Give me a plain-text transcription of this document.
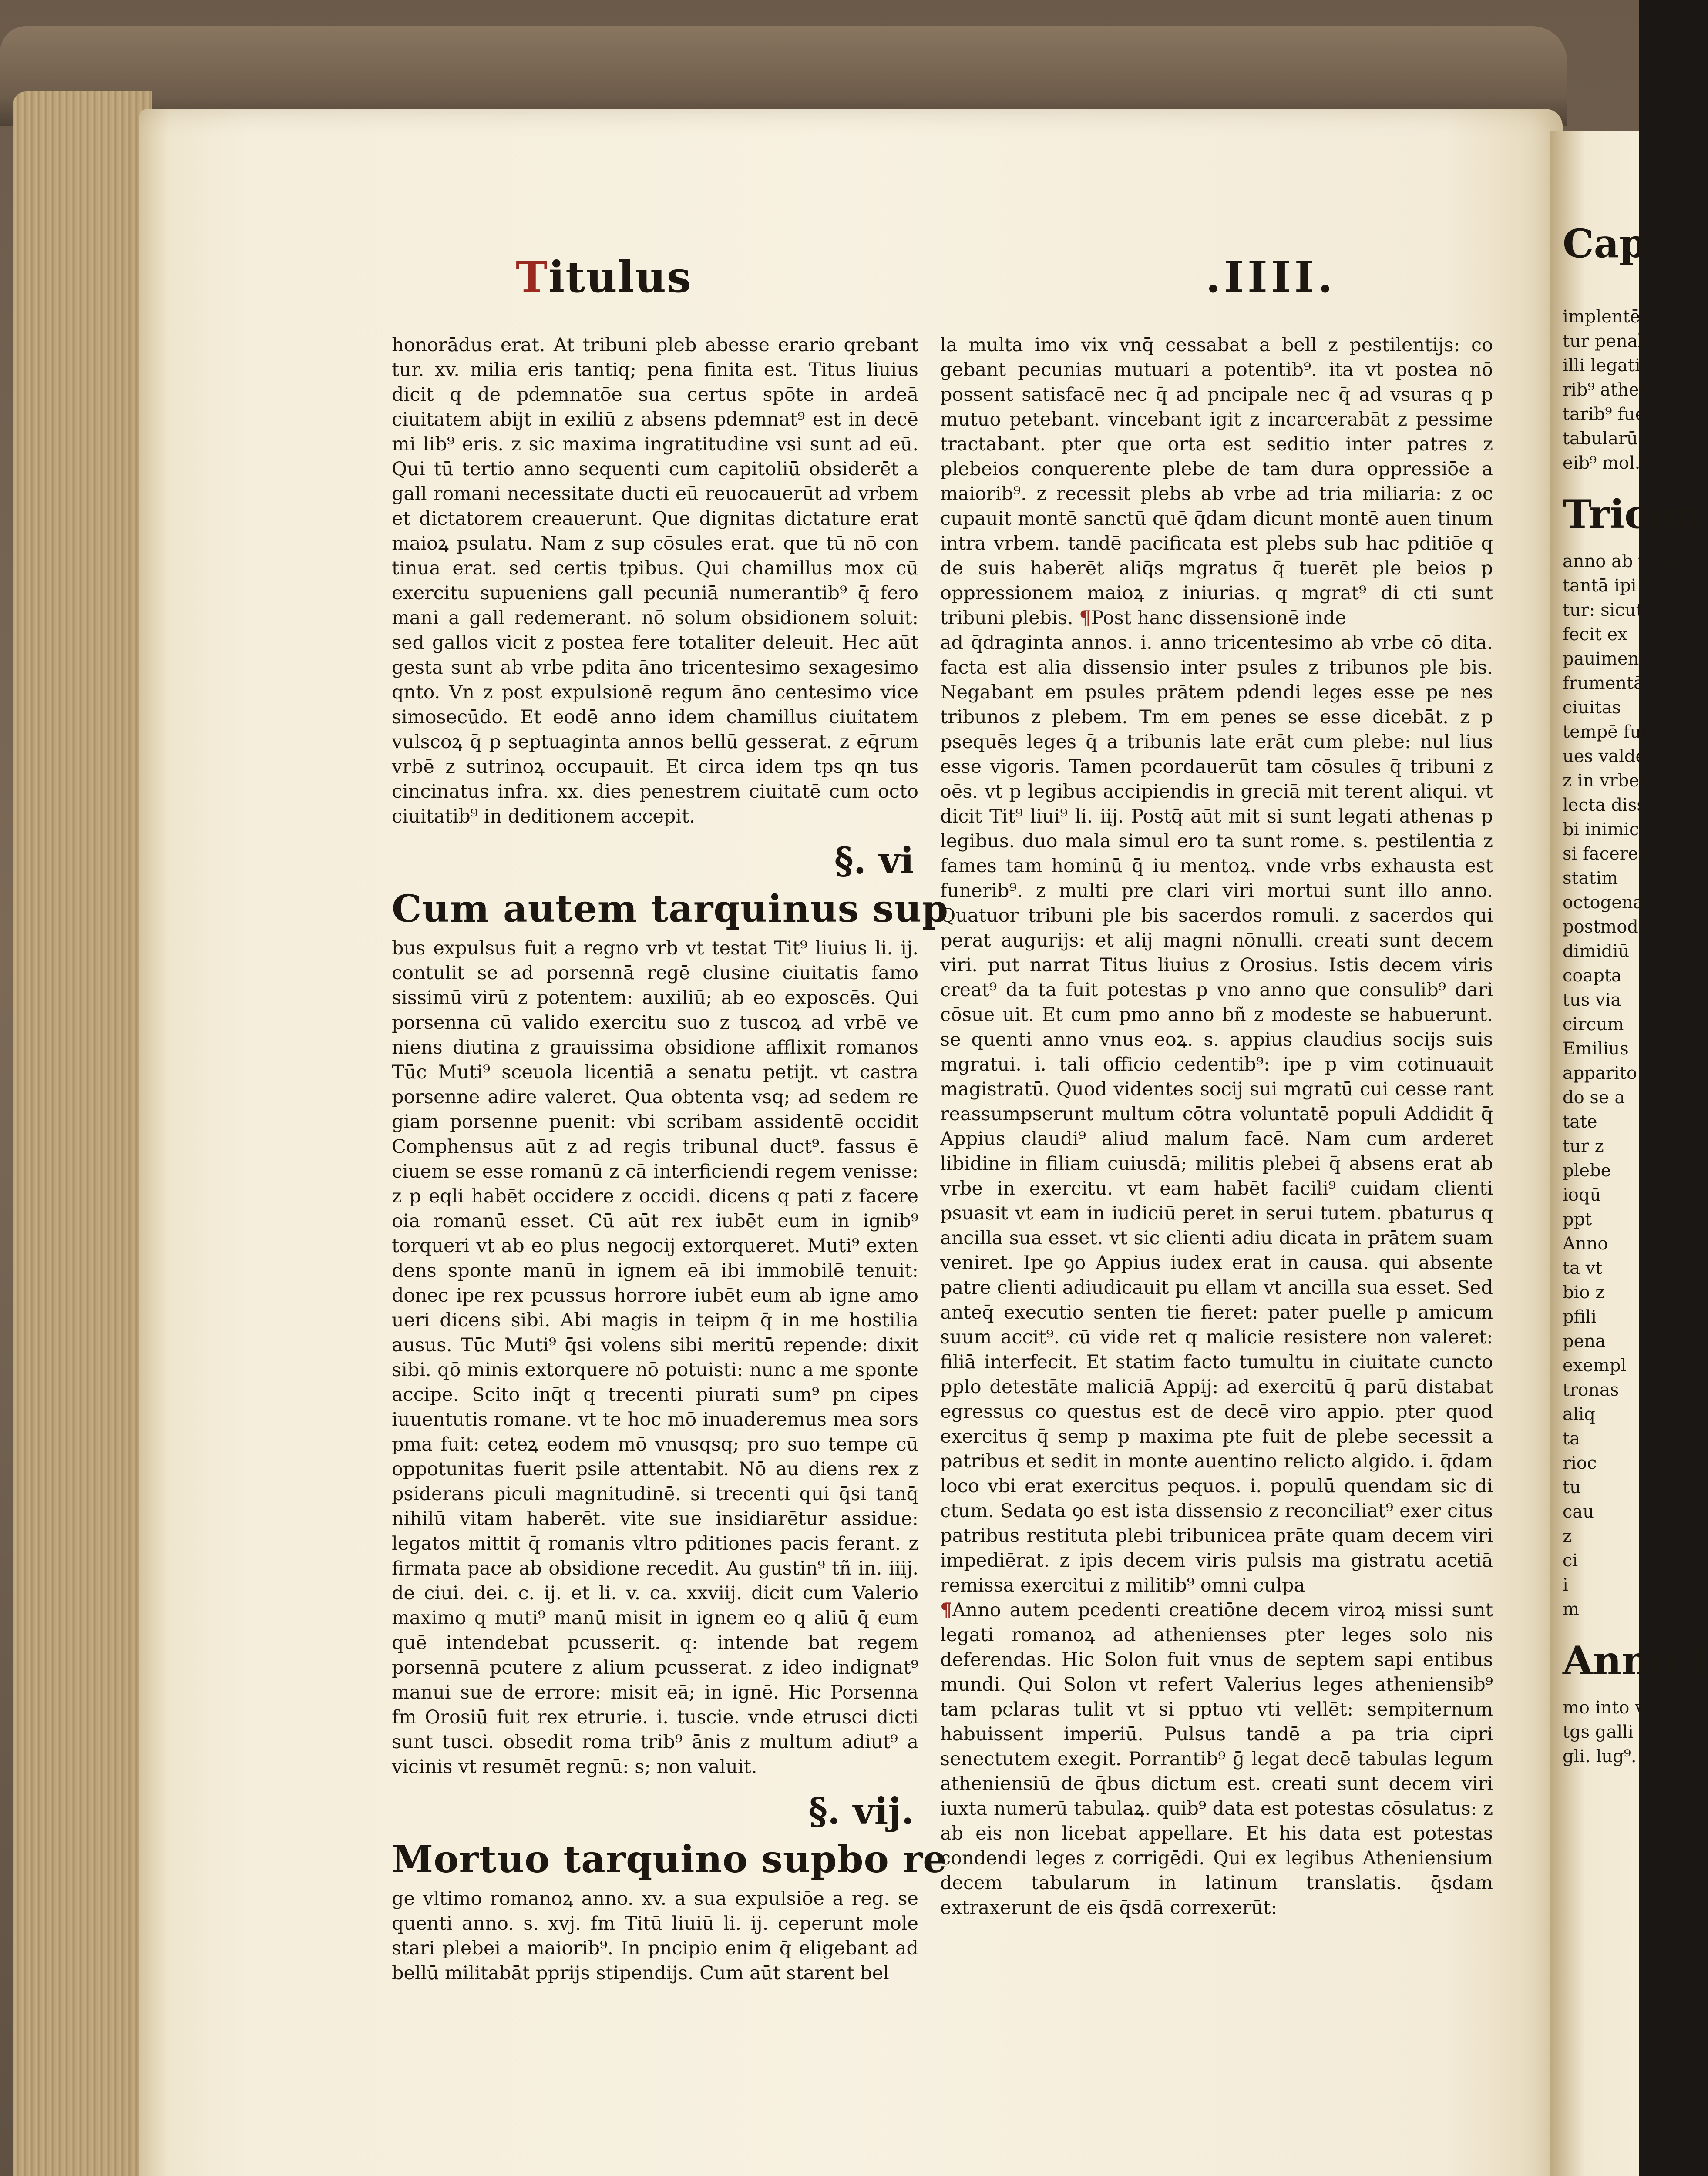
Titulus	.IIII.

honorādus erat. At tribuni pleb abesse erario qrebant tur. xv. milia eris tantiq; pena finita est. Titus liuius dicit q de pdemnatōe sua certus spōte in ardeā ciuitatem abijt in exiliū z absens pdemnat⁹ est in decē mi lib⁹ eris. z sic maxima ingratitudine vsi sunt ad eū. Qui tū tertio anno sequenti cum capitoliū obsiderēt a gall romani necessitate ducti eū reuocauerūt ad vrbem et dictatorem creauerunt. Que dignitas dictature erat maioꝝ psulatu. Nam z sup cōsules erat. que tū nō con tinua erat. sed certis tpibus. Qui chamillus mox cū exercitu supueniens gall pecuniā numerantib⁹ q̄ fero mani a gall redemerant. nō solum obsidionem soluit: sed gallos vicit z postea fere totaliter deleuit. Hec aūt gesta sunt ab vrbe pdita āno tricentesimo sexagesimo qnto. Vn z post expulsionē regum āno centesimo vice simosecūdo. Et eodē anno idem chamillus ciuitatem vulscoꝝ q̄ p septuaginta annos bellū gesserat. z eq̄rum vrbē z sutrinoꝝ occupauit. Et circa idem tps qn tus cincinatus infra. xx. dies penestrem ciuitatē cum octo ciuitatib⁹ in deditionem accepit.

§. vi
Cum autem tarquinus sup

bus expulsus fuit a regno vrb vt testat Tit⁹ liuius li. ij. contulit se ad porsennā regē clusine ciuitatis famo sissimū virū z potentem: auxiliū; ab eo exposcēs. Qui porsenna cū valido exercitu suo z tuscoꝝ ad vrbē ve niens diutina z grauissima obsidione afflixit romanos Tūc Muti⁹ sceuola licentiā a senatu petijt. vt castra porsenne adire valeret. Qua obtenta vsq; ad sedem re giam porsenne puenit: vbi scribam assidentē occidit Comphensus aūt z ad regis tribunal duct⁹. fassus ē ciuem se esse romanū z cā interficiendi regem venisse: z p eqli habēt occidere z occidi. dicens q pati z facere oia romanū esset. Cū aūt rex iubēt eum in ignib⁹ torqueri vt ab eo plus negocij extorqueret. Muti⁹ exten dens sponte manū in ignem eā ibi immobilē tenuit: donec ipe rex pcussus horrore iubēt eum ab igne amo ueri dicens sibi. Abi magis in teipm q̄ in me hostilia ausus. Tūc Muti⁹ q̄si volens sibi meritū repende: dixit sibi. qō minis extorquere nō potuisti: nunc a me sponte accipe. Scito inq̄t q trecenti piurati sum⁹ pn cipes iuuentutis romane. vt te hoc mō inuaderemus mea sors pma fuit: ceteꝝ eodem mō vnusqsq; pro suo tempe cū oppotunitas fuerit psile attentabit. Nō au diens rex z psiderans piculi magnitudinē. si trecenti qui q̄si tanq̄ nihilū vitam haberēt. vite sue insidiarētur assidue: legatos mittit q̄ romanis vltro pditiones pacis ferant. z firmata pace ab obsidione recedit. Au gustin⁹ tñ in. iiij. de ciui. dei. c. ij. et li. v. ca. xxviij. dicit cum Valerio maximo q muti⁹ manū misit in ignem eo q aliū q̄ eum quē intendebat pcusserit. q: intende bat regem porsennā pcutere z alium pcusserat. z ideo indignat⁹ manui sue de errore: misit eā; in ignē. Hic Porsenna fm Orosiū fuit rex etrurie. i. tuscie. vnde etrusci dicti sunt tusci. obsedit roma trib⁹ ānis z multum adiut⁹ a vicinis vt resumēt regnū: s; non valuit.

§. vij.
Mortuo tarquino supbo re

ge vltimo romanoꝝ anno. xv. a sua expulsiōe a reg. se quenti anno. s. xvj. fm Titū liuiū li. ij. ceperunt mole stari plebei a maiorib⁹. In pncipio enim q̄ eligebant ad bellū militabāt pprijs stipendijs. Cum aūt starent bel

la multa imo vix vnq̄ cessabat a bell z pestilentijs: co gebant pecunias mutuari a potentib⁹. ita vt postea nō possent satisfacē nec q̄ ad pncipale nec q̄ ad vsuras q p mutuo petebant. vincebant igit z incarcerabāt z pessime tractabant. pter que orta est seditio inter patres z plebeios conquerente plebe de tam dura oppressiōe a maiorib⁹. z recessit plebs ab vrbe ad tria miliaria: z oc cupauit montē sanctū quē q̄dam dicunt montē auen tinum intra vrbem. tandē pacificata est plebs sub hac pditiōe q de suis haberēt aliq̄s mgratus q̄ tuerēt ple beios p oppressionem maioꝝ z iniurias. q mgrat⁹ di cti sunt tribuni plebis. ¶Post hanc dissensionē inde

ad q̄draginta annos. i. anno tricentesimo ab vrbe cō dita. facta est alia dissensio inter psules z tribunos ple bis. Negabant em psules prātem pdendi leges esse pe nes tribunos z plebem. Tm em penes se esse dicebāt. z p psequēs leges q̄ a tribunis late erāt cum plebe: nul lius esse vigoris. Tamen pcordauerūt tam cōsules q̄ tribuni z oēs. vt p legibus accipiendis in greciā mit terent aliqui. vt dicit Tit⁹ liui⁹ li. iij. Postq̄ aūt mit si sunt legati athenas p legibus. duo mala simul ero ta sunt rome. s. pestilentia z fames tam hominū q̄ iu mentoꝝ. vnde vrbs exhausta est funerib⁹. z multi pre clari viri mortui sunt illo anno. Quatuor tribuni ple bis sacerdos romuli. z sacerdos qui perat augurijs: et alij magni nōnulli. creati sunt decem viri. put narrat Titus liuius z Orosius. Istis decem viris creat⁹ da ta fuit potestas p vno anno que consulib⁹ dari cōsue uit. Et cum pmo anno bñ z modeste se habuerunt. se quenti anno vnus eoꝝ. s. appius claudius socijs suis mgratui. i. tali officio cedentib⁹: ipe p vim cotinuauit magistratū. Quod videntes socij sui mgratū cui cesse rant reassumpserunt multum cōtra voluntatē populi Addidit q̄ Appius claudi⁹ aliud malum facē. Nam cum arderet libidine in filiam cuiusdā; militis plebei q̄ absens erat ab vrbe in exercitu. vt eam habēt facili⁹ cuidam clienti psuasit vt eam in iudiciū peret in serui tutem. pbaturus q ancilla sua esset. vt sic clienti adiu dicata in prātem suam veniret. Ipe ꝯo Appius iudex erat in causa. qui absente patre clienti adiudicauit pu ellam vt ancilla sua esset. Sed anteq̄ executio senten tie fieret: pater puelle p amicum suum accit⁹. cū vide ret q malicie resistere non valeret: filiā interfecit. Et statim facto tumultu in ciuitate cuncto pplo detestāte maliciā Appij: ad exercitū q̄ parū distabat egressus co questus est de decē viro appio. pter quod exercitus q̄ semp p maxima pte fuit de plebe secessit a patribus et sedit in monte auentino relicto algido. i. q̄dam loco vbi erat exercitus pequos. i. populū quendam sic di ctum. Sedata ꝯo est ista dissensio z reconciliat⁹ exer citus patribus restituta plebi tribunicea prāte quam decem viri impediērat. z ipis decem viris pulsis ma gistratu acetiā remissa exercitui z militib⁹ omni culpa

¶Anno autem pcedenti creatiōne decem viroꝝ missi sunt legati romanoꝝ ad athenienses pter leges solo nis deferendas. Hic Solon fuit vnus de septem sapi entibus mundi. Qui Solon vt refert Valerius leges atheniensib⁹ tam pclaras tulit vt si pptuo vti vellēt: sempiternum habuissent imperiū. Pulsus tandē a pa tria cipri senectutem exegit. Porrantib⁹ ḡ legat decē tabulas legum atheniensiū de q̄bus dictum est. creati sunt decem viri iuxta numerū tabulaꝝ. quib⁹ data est potestas cōsulatus: z ab eis non licebat appellare. Et his data est potestas condendi leges z corrigēdi. Qui ex legibus Atheniensium decem tabularum in latinum translatis. q̄sdam extraxerunt de eis q̄sdā correxerūt:

Cap
implentē vt
tur penalis
illi legati ro
rib⁹ athenie
tarib⁹ fuerū
tabularū. z i
eib⁹ mol. z
Tricen
anno ab vrbe
tantā ipi
tur: sicut
fecit ex
pauimentē
frumentā
ciuitas
tempē fuit
ues valde
z in vrbem
lecta diss
bi inimic
si facerent
statim
octogenari
postmodū
dimidiū
coapta
tus via
circum
Emilius
apparito
do se a
tate
tur z
plebe
ioqū
ppt
Anno
ta vt
bio z
pfili
pena
exempl
tronas
aliq
ta
rioc
tu
cau
z
ci
i
m
Anno t
mo into vege
tgs galli fen
gli. lug⁹. in. i
